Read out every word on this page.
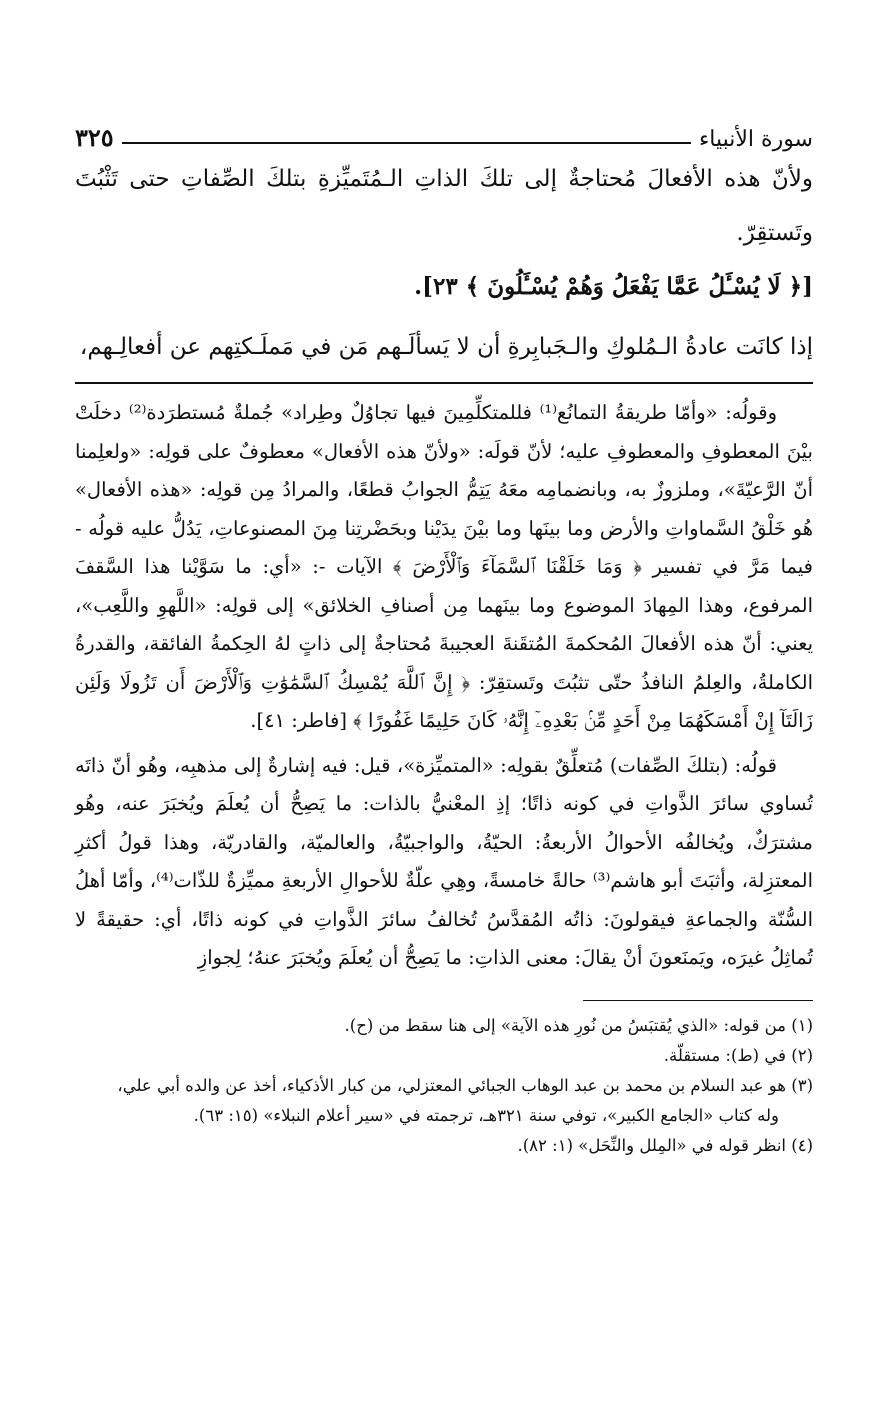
سورة الأنبياء
٣٢٥

ولأنّ هذه الأفعالَ مُحتاجةٌ إلى تلكَ الذاتِ الـمُتَميِّزةِ بتلكَ الصِّفاتِ حتى تَثْبُتَ وتَستقِرّ.

[﴿ لَا يُسْـَٔلُ عَمَّا يَفْعَلُ وَهُمْ يُسْـَٔلُونَ ﴾ ٢٣].

إذا كانَت عادةُ الـمُلوكِ والـجَبابِرةِ أن لا يَسألَـهم مَن في مَملَـكتِهم عن أفعالِـهم،

وقولُه: «وأمّا طريقةُ التمانُع⁽¹⁾ فللمتكلِّمِينَ فيها تجاوُلٌ وطِراد» جُملةٌ مُستطرَدة⁽²⁾ دخلَتْ بيْنَ المعطوفِ والمعطوفِ عليه؛ لأنّ قولَه: «ولأنّ هذه الأفعال» معطوفٌ على قولِه: «ولعلِمنا أنّ الرَّعيّةَ»، وملزوزٌ به، وبانضمامِه معَهُ يَتِمُّ الجوابُ قطعًا، والمرادُ مِن قولِه: «هذه الأفعال» هُو خَلْقُ السَّماواتِ والأرض وما بينَها وما بيْنَ يدَيْنا وبحَضْرتِنا مِنَ المصنوعاتِ، يَدُلُّ عليه قولُه - فيما مَرَّ في تفسير ﴿ وَمَا خَلَقْنَا ٱلسَّمَآءَ وَٱلْأَرْضَ ﴾ الآيات -: «أي: ما سَوَّيْنا هذا السَّقفَ المرفوع، وهذا المِهادَ الموضوع وما بينَهما مِن أصنافِ الخلائق» إلى قولِه: «اللَّهوِ واللَّعِب»، يعني: أنّ هذه الأفعالَ المُحكمةَ المُتقَنةَ العجيبةَ مُحتاجةٌ إلى ذاتٍ لهُ الحِكمةُ الفائقة، والقدرةُ الكاملةُ، والعِلمُ النافذُ حتّى تثبُتَ وتَستقِرّ: ﴿ إِنَّ ٱللَّهَ يُمْسِكُ ٱلسَّمَٰوَٰتِ وَٱلْأَرْضَ أَن تَزُولَا وَلَئِن زَالَتَآ إِنْ أَمْسَكَهُمَا مِنْ أَحَدٍ مِّنۢ بَعْدِهِۦٓ إِنَّهُۥ كَانَ حَلِيمًا غَفُورًا ﴾ [فاطر: ٤١].

قولُه: (بتلكَ الصِّفات) مُتعلِّقٌ بقولِه: «المتميِّزة»، قيل: فيه إشارةٌ إلى مذهبِه، وهُو أنّ ذاتَه تُساوي سائرَ الذَّواتِ في كونه ذاتًا؛ إذِ المعْنيُّ بالذات: ما يَصِحُّ أن يُعلَمَ ويُخبَرَ عنه، وهُو مشترَكٌ، ويُخالفُه الأحوالُ الأربعةُ: الحيّةُ، والواجبيّةُ، والعالميّة، والقادريّة، وهذا قولُ أكثرِ المعتزِلة، وأثبَتَ أبو هاشم⁽³⁾ حالةً خامسةً، وهِي علّةٌ للأحوالِ الأربعةِ مميِّزةٌ للذّات⁽⁴⁾، وأمّا أهلُ السُّنّة والجماعةِ فيقولونَ: ذاتُه المُقدَّسُ تُخالفُ سائرَ الذَّواتِ في كونه ذاتًا، أي: حقيقةً لا تُماثِلُ غيرَه، ويَمنَعونَ أنْ يقالَ: معنى الذاتِ: ما يَصِحُّ أن يُعلَمَ ويُخبَرَ عنهُ؛ لِجوازِ

(١) من قوله: «الذي يُقتبَسُ من نُورِ هذه الآية» إلى هنا سقط من (ح).

(٢) في (ط): مستقلّة.

(٣) هو عبد السلام بن محمد بن عبد الوهاب الجبائي المعتزلي، من كبار الأذكياء، أخذ عن والده أبي علي،

وله كتاب «الجامع الكبير»، توفي سنة ٣٢١هـ، ترجمته في «سير أعلام النبلاء» (١٥: ٦٣).

(٤) انظر قوله في «المِلل والنِّحَل» (١: ٨٢).
